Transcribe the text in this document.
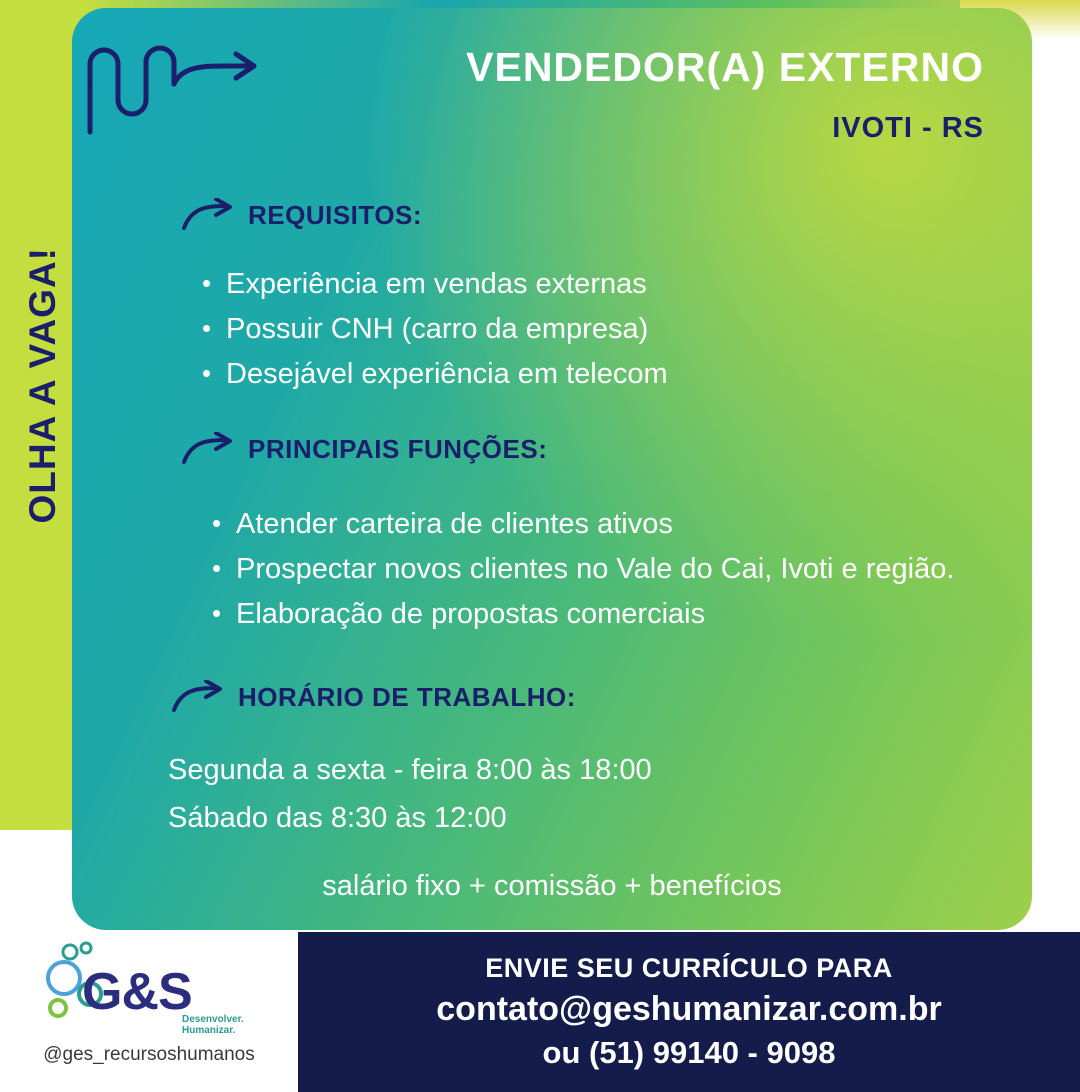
OLHA A VAGA!
VENDEDOR(A) EXTERNO
IVOTI - RS
REQUISITOS:
• Experiência em vendas externas
• Possuir CNH (carro da empresa)
• Desejável experiência em telecom
PRINCIPAIS FUNÇÕES:
• Atender carteira de clientes ativos
• Prospectar novos clientes no Vale do Cai, Ivoti e região.
• Elaboração de propostas comerciais
HORÁRIO DE TRABALHO:
Segunda a sexta - feira 8:00 às 18:00
Sábado das 8:30 às 12:00
salário fixo + comissão + benefícios
G&S
Desenvolver.
Humanizar.
@ges_recursoshumanos
ENVIE SEU CURRÍCULO PARA
contato@geshumanizar.com.br
ou (51) 99140 - 9098
